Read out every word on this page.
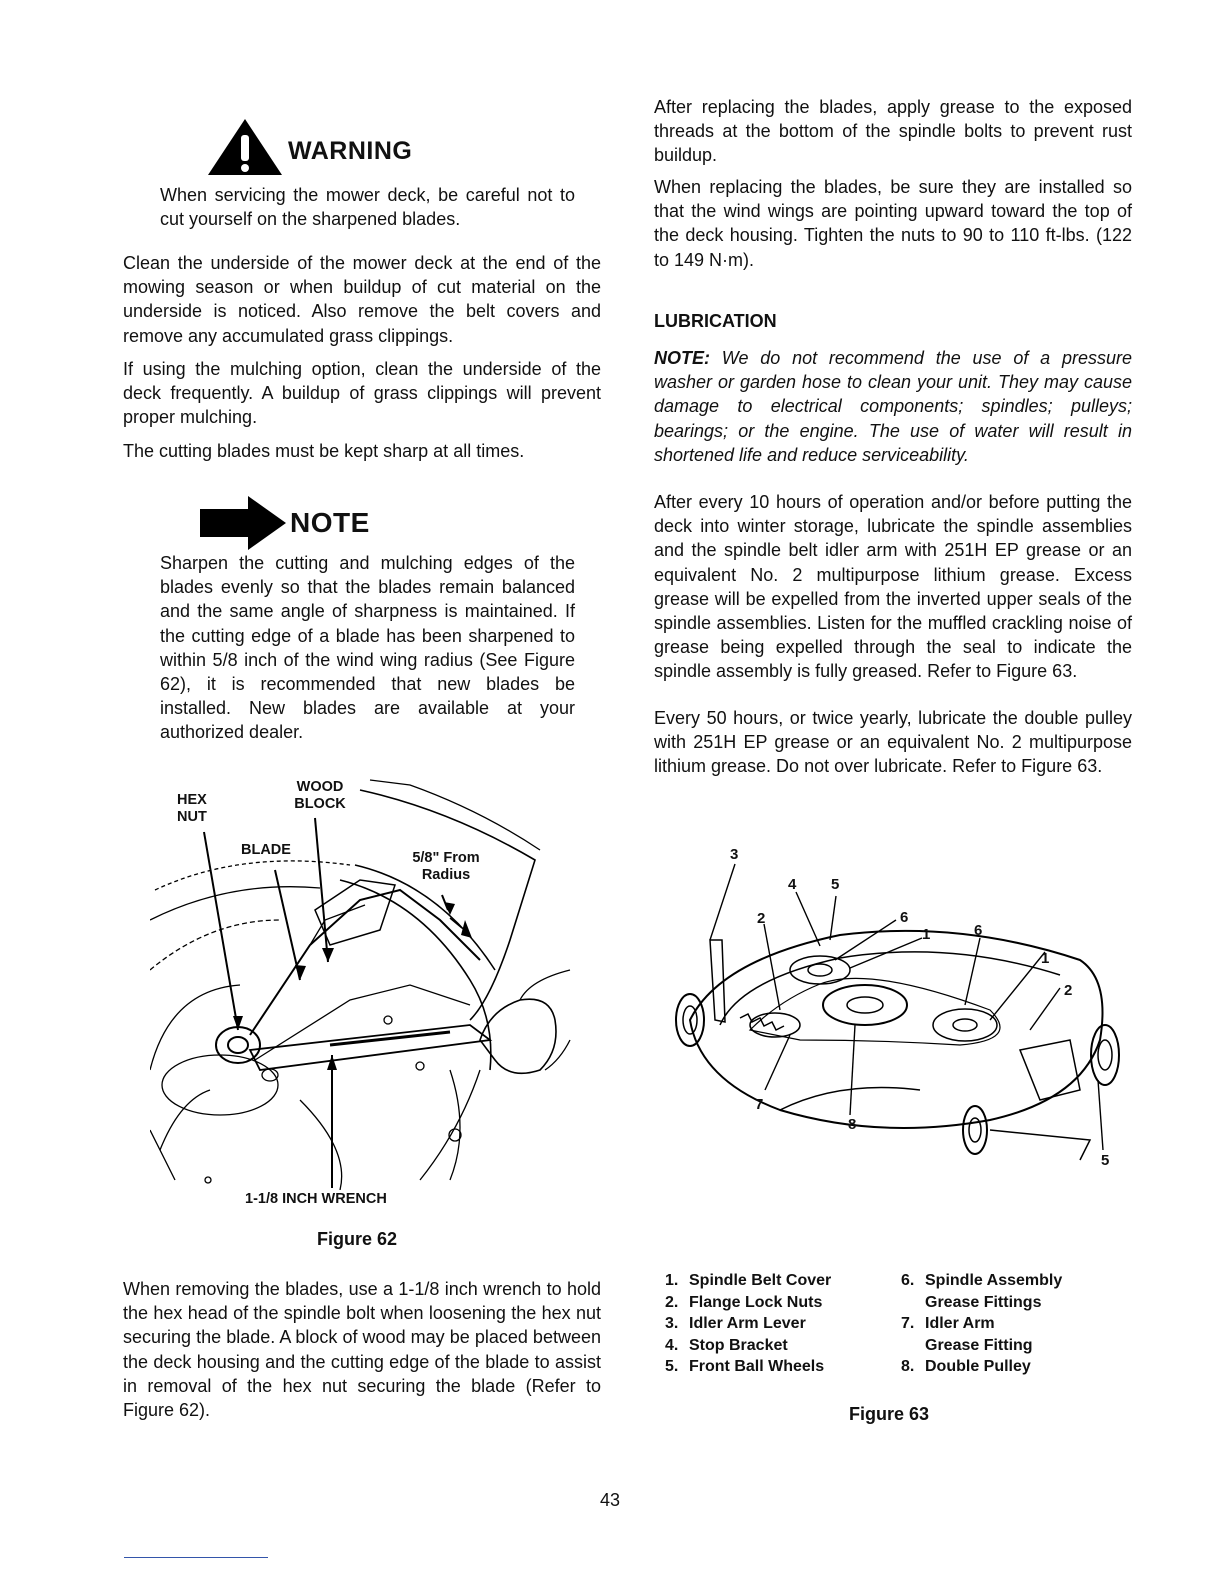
WARNING
When servicing the mower deck, be careful not to cut yourself on the sharpened blades.

Clean the underside of the mower deck at the end of the mowing season or when buildup of cut material on the underside is noticed. Also remove the belt covers and remove any accumulated grass clippings.

If using the mulching option, clean the underside of the deck frequently. A buildup of grass clippings will prevent proper mulching.

The cutting blades must be kept sharp at all times.

NOTE
Sharpen the cutting and mulching edges of the blades evenly so that the blades remain balanced and the same angle of sharpness is maintained. If the cutting edge of a blade has been sharpened to within 5/8 inch of the wind wing radius (See Figure 62), it is recommended that new blades be installed. New blades are available at your authorized dealer.
HEX NUT
WOOD BLOCK
BLADE	5/8" From Radius
1-1/8 INCH WRENCH
Figure 62

When removing the blades, use a 1-1/8 inch wrench to hold the hex head of the spindle bolt when loosening the hex nut securing the blade. A block of wood may be placed between the deck housing and the cutting edge of the blade to assist in removal of the hex nut securing the blade (Refer to Figure 62).

After replacing the blades, apply grease to the exposed threads at the bottom of the spindle bolts to prevent rust buildup.

When replacing the blades, be sure they are installed so that the wind wings are pointing upward toward the top of the deck housing. Tighten the nuts to 90 to 110 ft-lbs. (122 to 149 N·m).

LUBRICATION

NOTE: We do not recommend the use of a pressure washer or garden hose to clean your unit. They may cause damage to electrical components; spindles; pulleys; bearings; or the engine. The use of water will result in shortened life and reduce serviceability.

After every 10 hours of operation and/or before putting the deck into winter storage, lubricate the spindle assemblies and the spindle belt idler arm with 251H EP grease or an equivalent No. 2 multipurpose lithium grease. Excess grease will be expelled from the inverted upper seals of the spindle assemblies. Listen for the muffled crackling noise of grease being expelled through the seal to indicate the spindle assembly is fully greased. Refer to Figure 63.

Every 50 hours, or twice yearly, lubricate the double pulley with 251H EP grease or an equivalent No. 2 multipurpose lithium grease. Do not over lubricate. Refer to Figure 63.

3
4 5
2	6
1	6
1
2
7
8
5
1. Spindle Belt Cover
2. Flange Lock Nuts
3. Idler Arm Lever
4. Stop Bracket
5. Front Ball Wheels
6. Spindle Assembly
Grease Fittings
7. Idler Arm
Grease Fitting
8. Double Pulley
Figure 63
43
